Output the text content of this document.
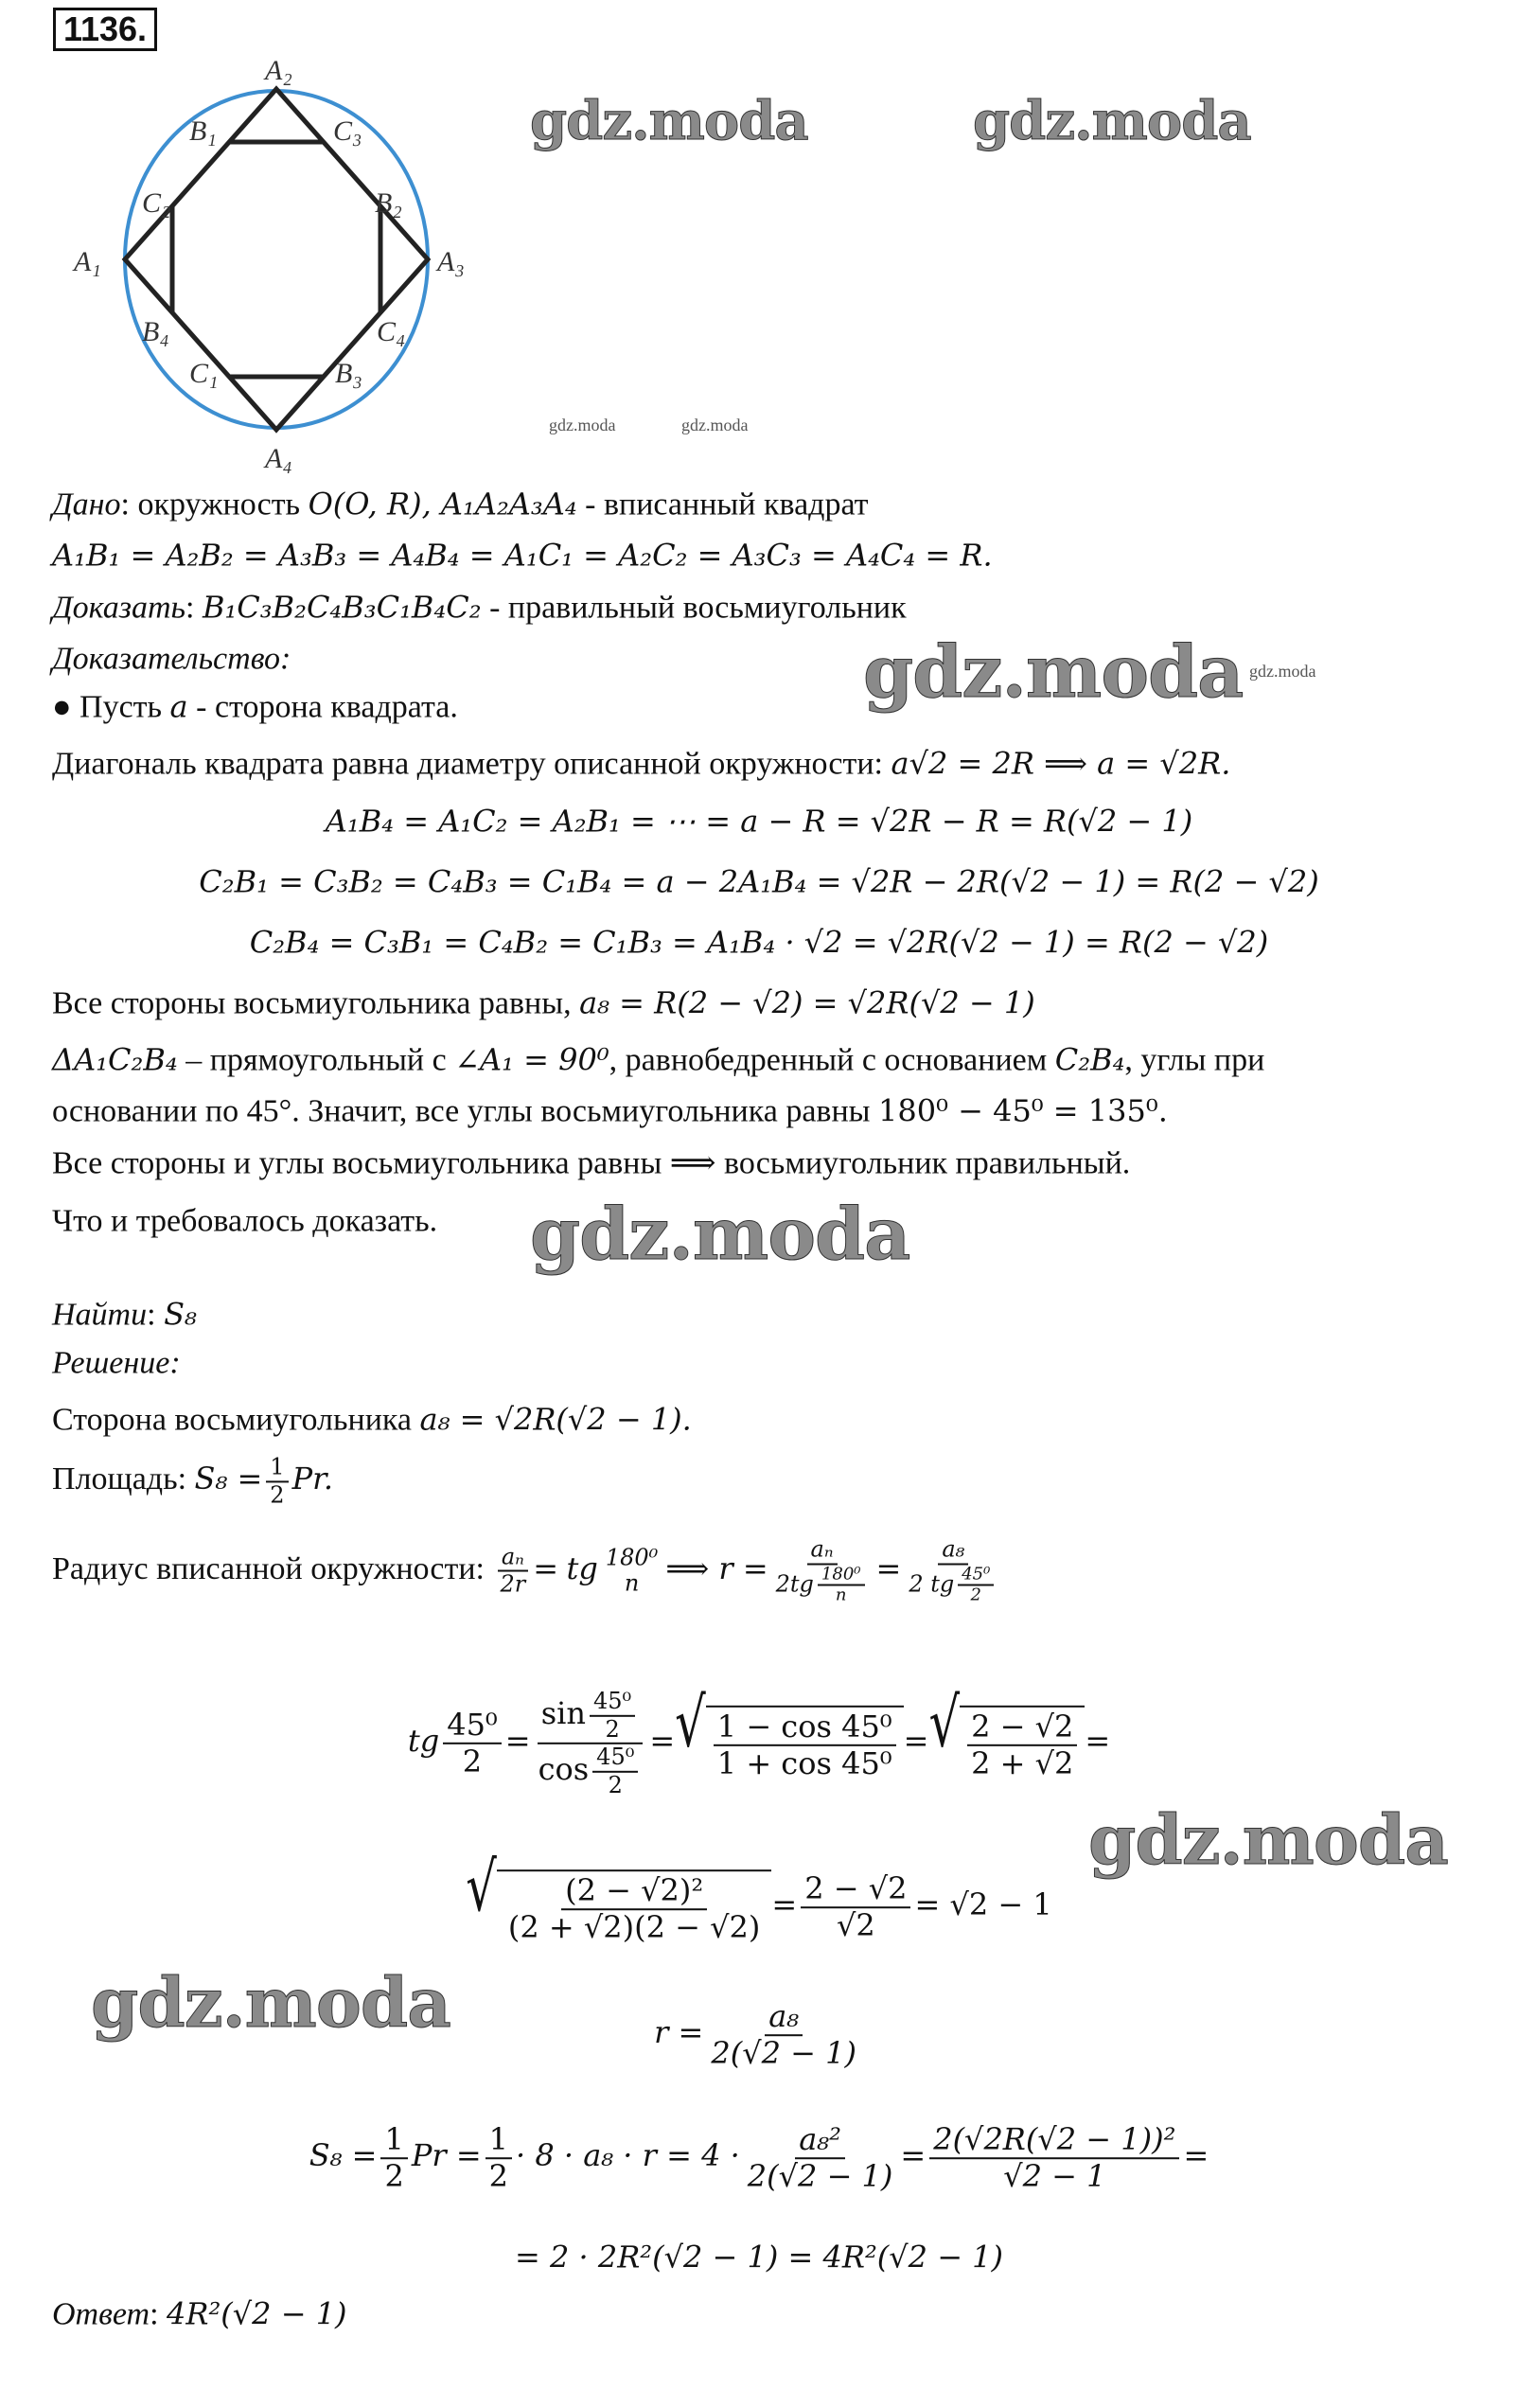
1136.
A₂
A₁	A₃
A₄
B₁	C₃
C₂	B₂
B₄	C₄
C₁	B₃
gdz.moda	gdz.moda
gdz.moda	gdz.moda
gdz.moda
gdz.moda
gdz.moda
gdz.moda
gdz.moda
Дано: окружность O(O, R), A₁A₂A₃A₄ - вписанный квадрат
A₁B₁ = A₂B₂ = A₃B₃ = A₄B₄ = A₁C₁ = A₂C₂ = A₃C₃ = A₄C₄ = R.
Доказать: B₁C₃B₂C₄B₃C₁B₄C₂ - правильный восьмиугольник
Доказательство:
● Пусть a - сторона квадрата.
Диагональ квадрата равна диаметру описанной окружности: a√2 = 2R ⟹ a = √2R.
A₁B₄ = A₁C₂ = A₂B₁ = ⋯ = a − R = √2R − R = R(√2 − 1)
C₂B₁ = C₃B₂ = C₄B₃ = C₁B₄ = a − 2A₁B₄ = √2R − 2R(√2 − 1) = R(2 − √2)
C₂B₄ = C₃B₁ = C₄B₂ = C₁B₃ = A₁B₄ · √2 = √2R(√2 − 1) = R(2 − √2)
Все стороны восьмиугольника равны, a₈ = R(2 − √2) = √2R(√2 − 1)
ΔA₁C₂B₄ – прямоугольный с ∠A₁ = 90⁰, равнобедренный с основанием C₂B₄, углы при
основании по 45°. Значит, все углы восьмиугольника равны 180⁰ − 45⁰ = 135⁰.
Все стороны и углы восьмиугольника равны ⟹ восьмиугольник правильный.
Что и требовалось доказать.
Найти: S₈
Решение:
Сторона восьмиугольника a₈ = √2R(√2 − 1).
Площадь: $S_8 = \frac{1}{2} Pr$.
Радиус вписанной окружности: $\frac{\text{aₙ}}{2r}$ = tg 180⁰
n ⟹ $r = \frac{\text{aₙ}}{2tg \frac{\text{180⁰}}{n}} = \frac{\text{a₈}}{2 tg \frac{\text{45⁰}}{2}}$
tg $\frac{\text{45⁰}}{2} = \frac{\sin \frac{\text{45⁰}}{2}}{\cos \frac{\text{45⁰}}{2}}$ = √ $\frac{\text{1 − cos 45⁰}}{\text{1 + cos 45⁰}}$ = √ $\frac{2 - √2}{2 + √2}$ =
√ $\frac{\text{(2 − √2)²}}{(2 + √2)(2 - √2)} = \frac{2 - √2}{√2} = √2 - 1$
$r = \frac{\text{a₈}}{2(√2 - 1)}$
$S_8 = \frac{1}{2}$ $Pr = \frac{1}{2} \cdot 8 \cdot a_8 \cdot r = 4 \cdot \frac{\text{a₈²}}{2(√2 - 1)} = \frac{\text{2(√2R(√2 − 1))²}}{√2 - 1}$ =
= 2 · 2R²(√2 − 1) = 4R²(√2 − 1)
Ответ: 4R²(√2 − 1)
